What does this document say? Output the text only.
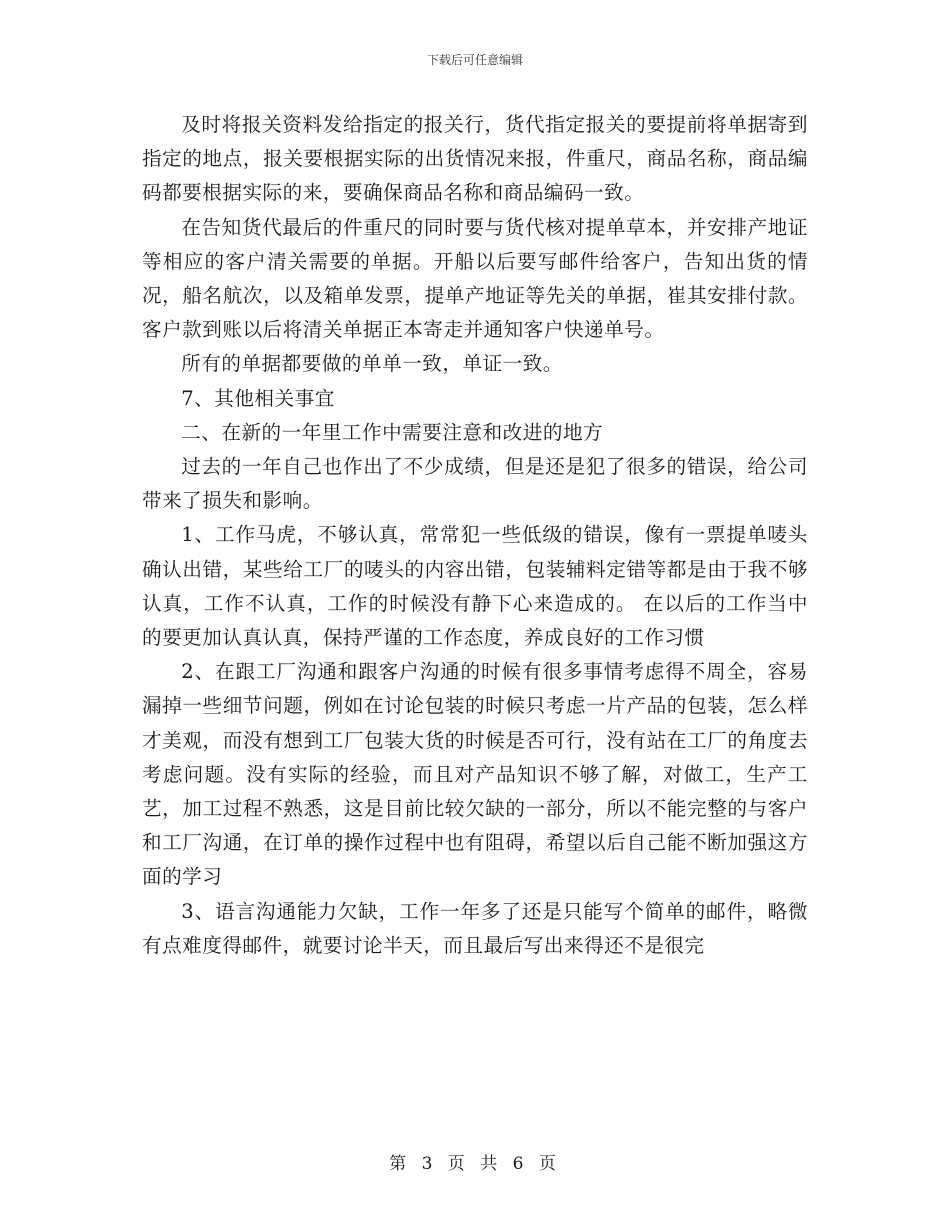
下载后可任意编辑

及时将报关资料发给指定的报关行，货代指定报关的要提前将单据寄到指定的地点，报关要根据实际的出货情况来报，件重尺，商品名称，商品编码都要根据实际的来，要确保商品名称和商品编码一致。

在告知货代最后的件重尺的同时要与货代核对提单草本，并安排产地证等相应的客户清关需要的单据。开船以后要写邮件给客户，告知出货的情况，船名航次，以及箱单发票，提单产地证等先关的单据，崔其安排付款。客户款到账以后将清关单据正本寄走并通知客户快递单号。

所有的单据都要做的单单一致，单证一致。

7、其他相关事宜

二、在新的一年里工作中需要注意和改进的地方

过去的一年自己也作出了不少成绩，但是还是犯了很多的错误，给公司带来了损失和影响。

1、工作马虎，不够认真，常常犯一些低级的错误，像有一票提单唛头确认出错，某些给工厂的唛头的内容出错，包装辅料定错等都是由于我不够认真，工作不认真，工作的时候没有静下心来造成的。 在以后的工作当中的要更加认真认真，保持严谨的工作态度，养成良好的工作习惯

2、在跟工厂沟通和跟客户沟通的时候有很多事情考虑得不周全，容易漏掉一些细节问题，例如在讨论包装的时候只考虑一片产品的包装，怎么样才美观，而没有想到工厂包装大货的时候是否可行，没有站在工厂的角度去考虑问题。没有实际的经验，而且对产品知识不够了解，对做工，生产工艺，加工过程不熟悉，这是目前比较欠缺的一部分，所以不能完整的与客户和工厂沟通，在订单的操作过程中也有阻碍，希望以后自己能不断加强这方面的学习

3、语言沟通能力欠缺，工作一年多了还是只能写个简单的邮件，略微有点难度得邮件，就要讨论半天，而且最后写出来得还不是很完

第 3 页 共 6 页
